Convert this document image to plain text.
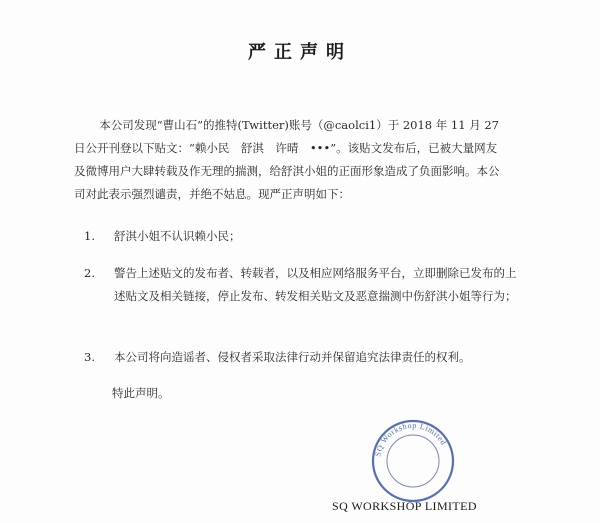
严正声明

本公司发现“曹山石”的推特(Twitter)账号（@caolci1）于 2018 年 11 月 27 日公开刊登以下贴文：“赖小民　舒淇　许晴　•••”。该贴文发布后，已被大量网友及微博用户大肆转载及作无理的揣测，给舒淇小姐的正面形象造成了负面影响。本公司对此表示强烈谴责，并绝不姑息。现严正声明如下：

1.	舒淇小姐不认识赖小民；
2.	警告上述贴文的发布者、转载者，以及相应网络服务平台，立即删除已发布的上述贴文及相关链接，停止发布、转发相关贴文及恶意揣测中伤舒淇小姐等行为；
3.	本公司将向造谣者、侵权者采取法律行动并保留追究法律责任的权利。
特此声明。
SQ Workshop Limited
SQ WORKSHOP LIMITED
